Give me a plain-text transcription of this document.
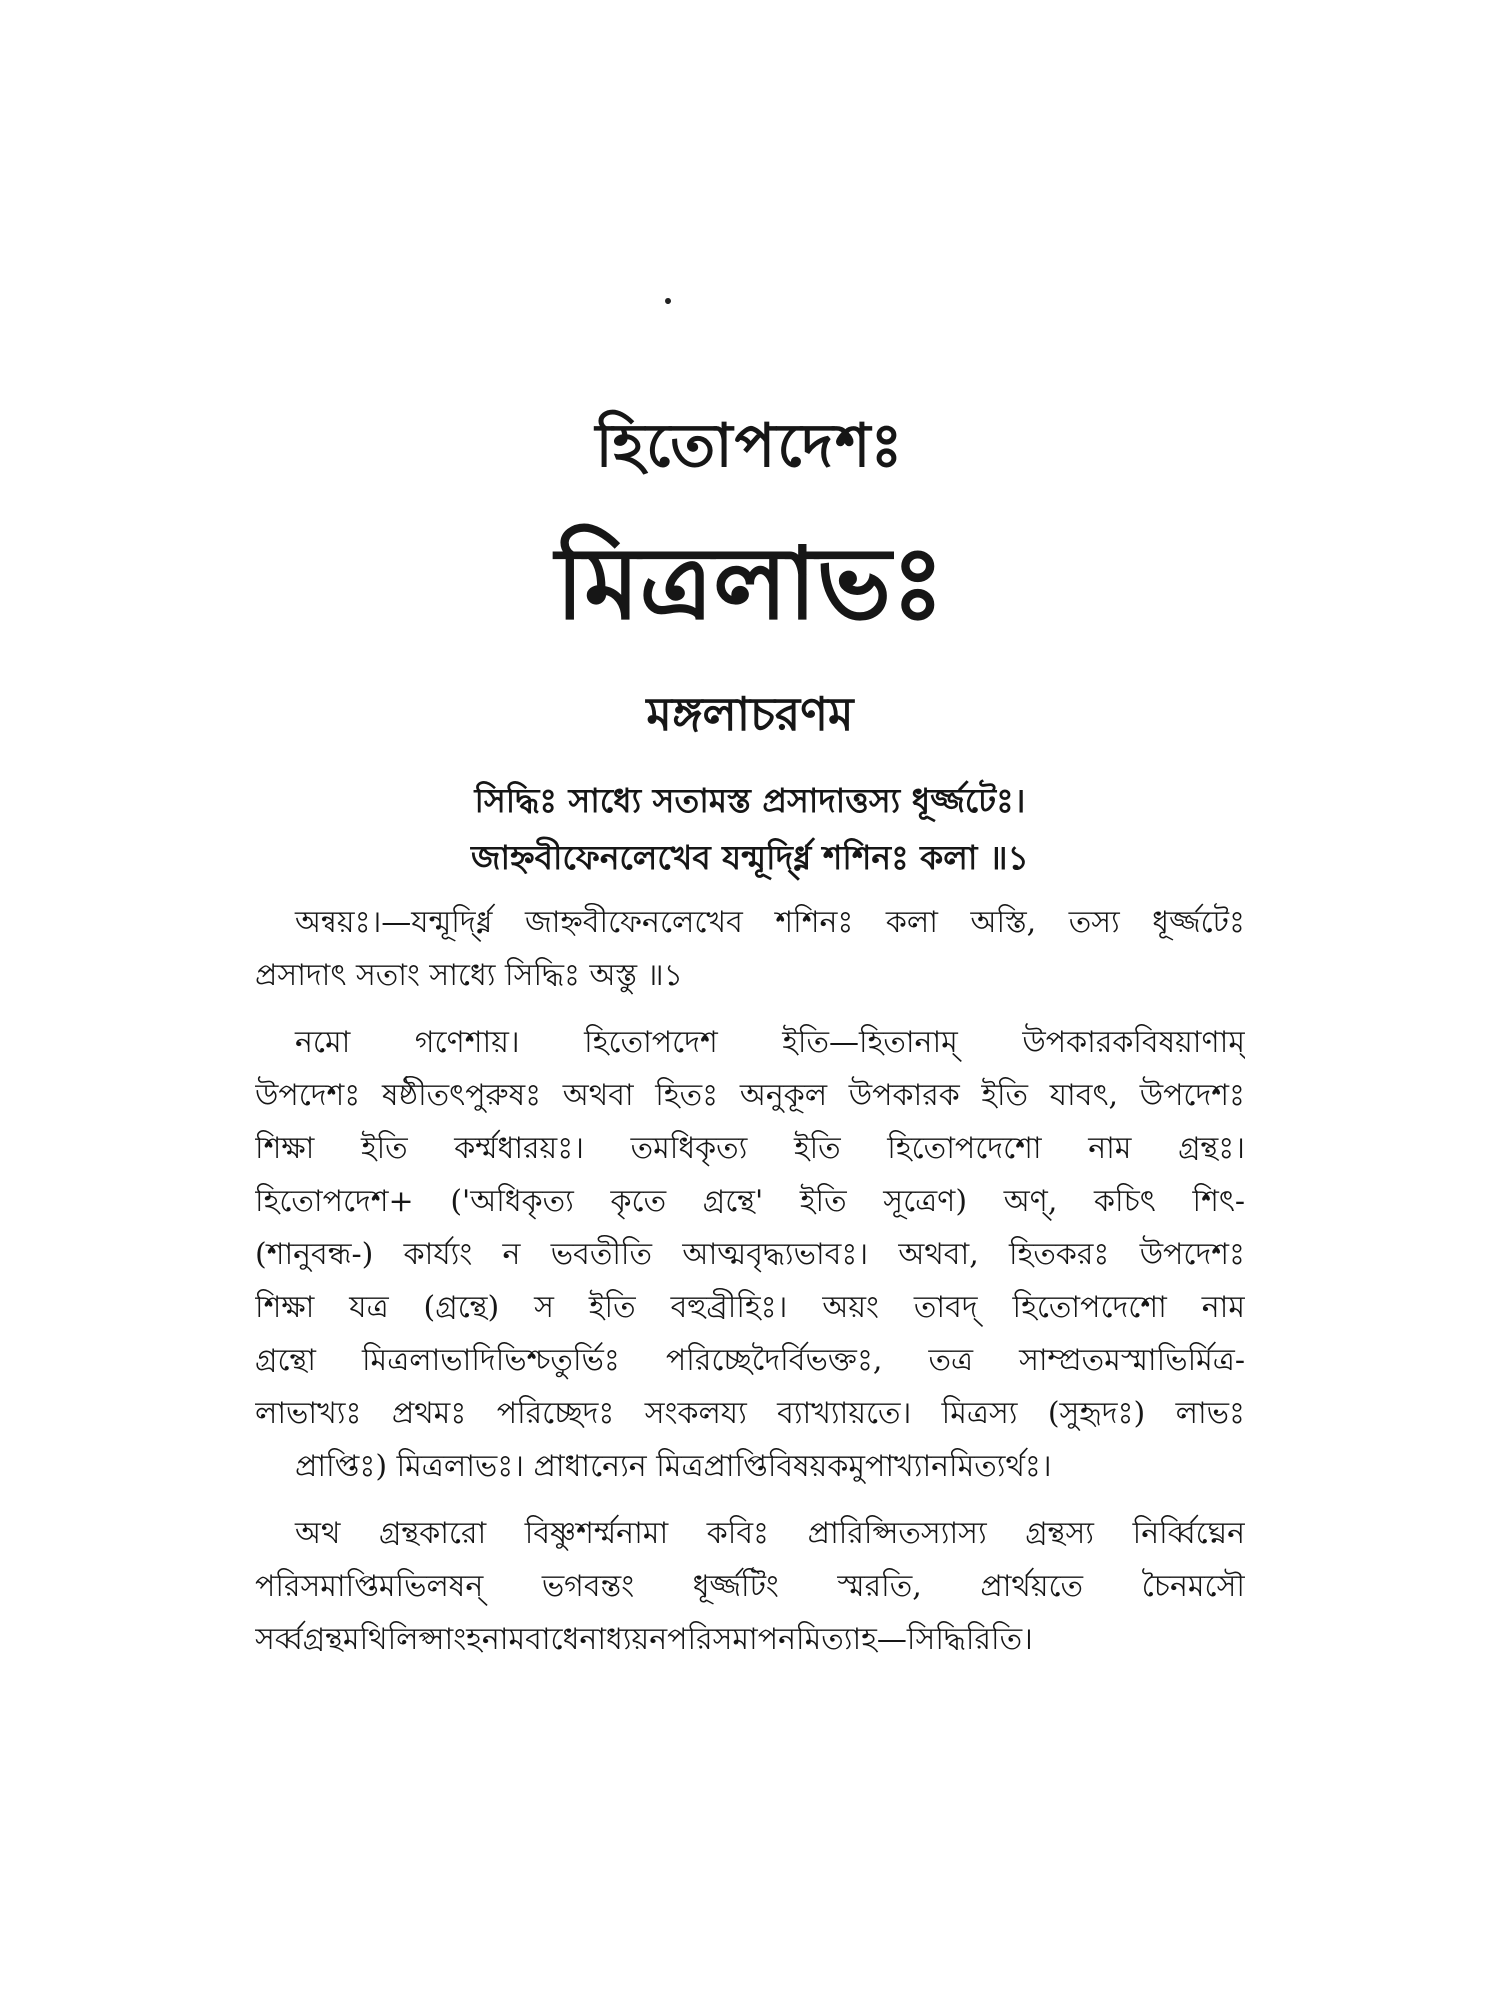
হিতোপদেশঃ
মিত্রলাভঃ
মঙ্গলাচরণম
সিদ্ধিঃ সাধ্যে সতামস্ত প্রসাদাত্তস্য ধূর্জ্জটেঃ।
জাহ্নবীফেনলেখেব যন্মূর্দ্ধ্নি শশিনঃ কলা ॥১
অন্বয়ঃ।—যন্মূর্দ্ধ্নি জাহ্নবীফেনলেখেব শশিনঃ কলা অস্তি, তস্য ধূর্জ্জটেঃ
প্রসাদাৎ সতাং সাধ্যে সিদ্ধিঃ অস্তু ॥১
নমো গণেশায়। হিতোপদেশ ইতি—হিতানাম্ উপকারকবিষয়াণাম্
উপদেশঃ ষষ্ঠীতৎপুরুষঃ অথবা হিতঃ অনুকূল উপকারক ইতি যাবৎ, উপদেশঃ
শিক্ষা ইতি কর্ম্মধারয়ঃ। তমধিকৃত্য ইতি হিতোপদেশো নাম গ্রন্থঃ।
হিতোপদেশ+ ('অধিকৃত্য কৃতে গ্রন্থে' ইতি সূত্রেণ) অণ্, কচিৎ শিৎ-
(শানুবন্ধ-) কার্য্যং ন ভবতীতি আত্মবৃদ্ধ্যভাবঃ। অথবা, হিতকরঃ উপদেশঃ
শিক্ষা যত্র (গ্রন্থে) স ইতি বহুব্রীহিঃ। অয়ং তাবদ্ হিতোপদেশো নাম
গ্রন্থো মিত্রলাভাদিভিশ্চতুর্ভিঃ পরিচ্ছেদৈর্বিভক্তঃ, তত্র সাম্প্রতমস্মাভির্মিত্র-
লাভাখ্যঃ প্রথমঃ পরিচ্ছেদঃ সংকলয্য ব্যাখ্যায়তে। মিত্রস্য (সুহৃদঃ) লাভঃ
প্রাপ্তিঃ) মিত্রলাভঃ। প্রাধান্যেন মিত্রপ্রাপ্তিবিষয়কমুপাখ্যানমিত্যর্থঃ।
অথ গ্রন্থকারো বিষ্ণুশর্ম্মনামা কবিঃ প্রারিপ্সিতস্যাস্য গ্রন্থস্য নির্ব্বিঘ্নেন
পরিসমাপ্তিমভিলষন্ ভগবন্তং ধূর্জ্জটিং স্মরতি, প্রার্থয়তে চৈনমসৌ
সর্ব্বগ্রন্থমথিলিপ্সাংহনামবাধেনাধ্যয়নপরিসমাপনমিত্যাহ—সিদ্ধিরিতি।
